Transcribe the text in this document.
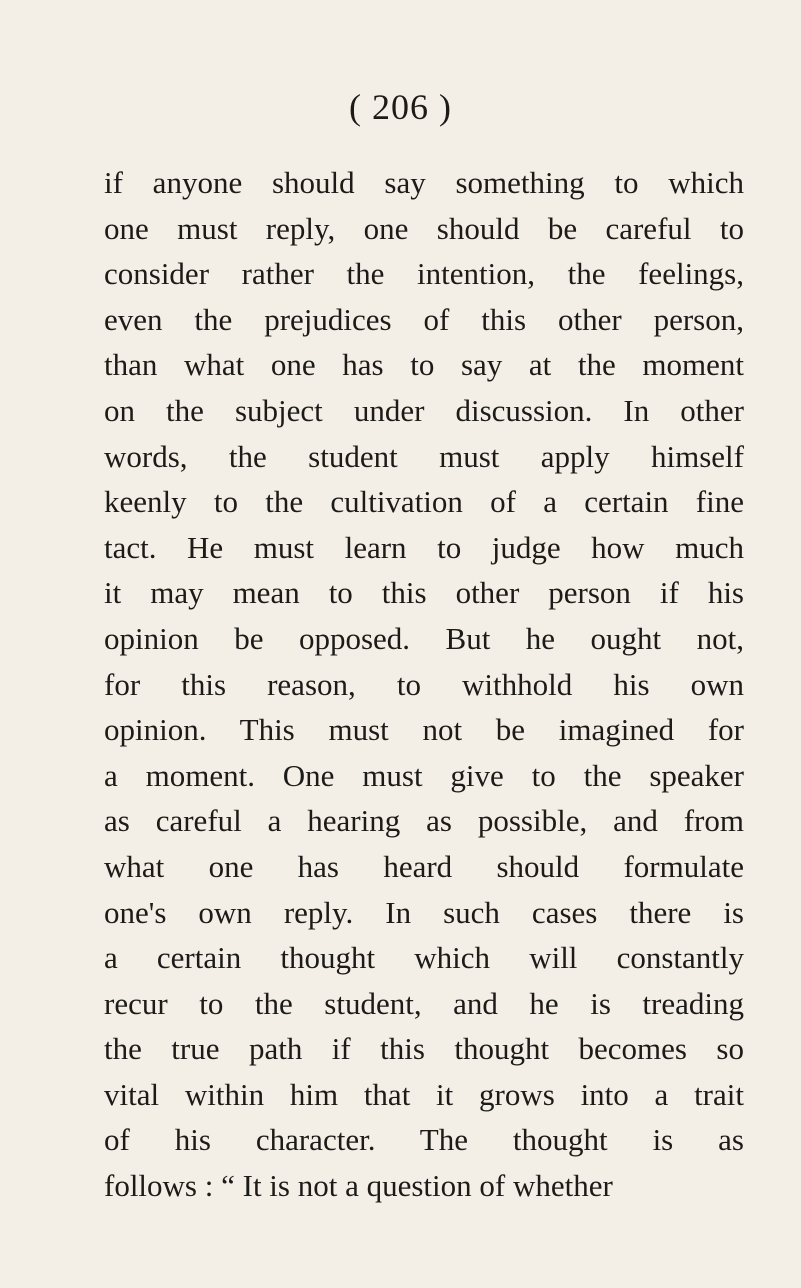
( 206 )
if anyone should say something to which
one must reply, one should be careful to
consider rather the intention, the feelings,
even the prejudices of this other person,
than what one has to say at the moment
on the subject under discussion. In other
words, the student must apply himself
keenly to the cultivation of a certain fine
tact. He must learn to judge how much
it may mean to this other person if his
opinion be opposed. But he ought not,
for this reason, to withhold his own
opinion. This must not be imagined for
a moment. One must give to the speaker
as careful a hearing as possible, and from
what one has heard should formulate
one's own reply. In such cases there is
a certain thought which will constantly
recur to the student, and he is treading
the true path if this thought becomes so
vital within him that it grows into a trait
of his character. The thought is as
follows : “ It is not a question of whether
